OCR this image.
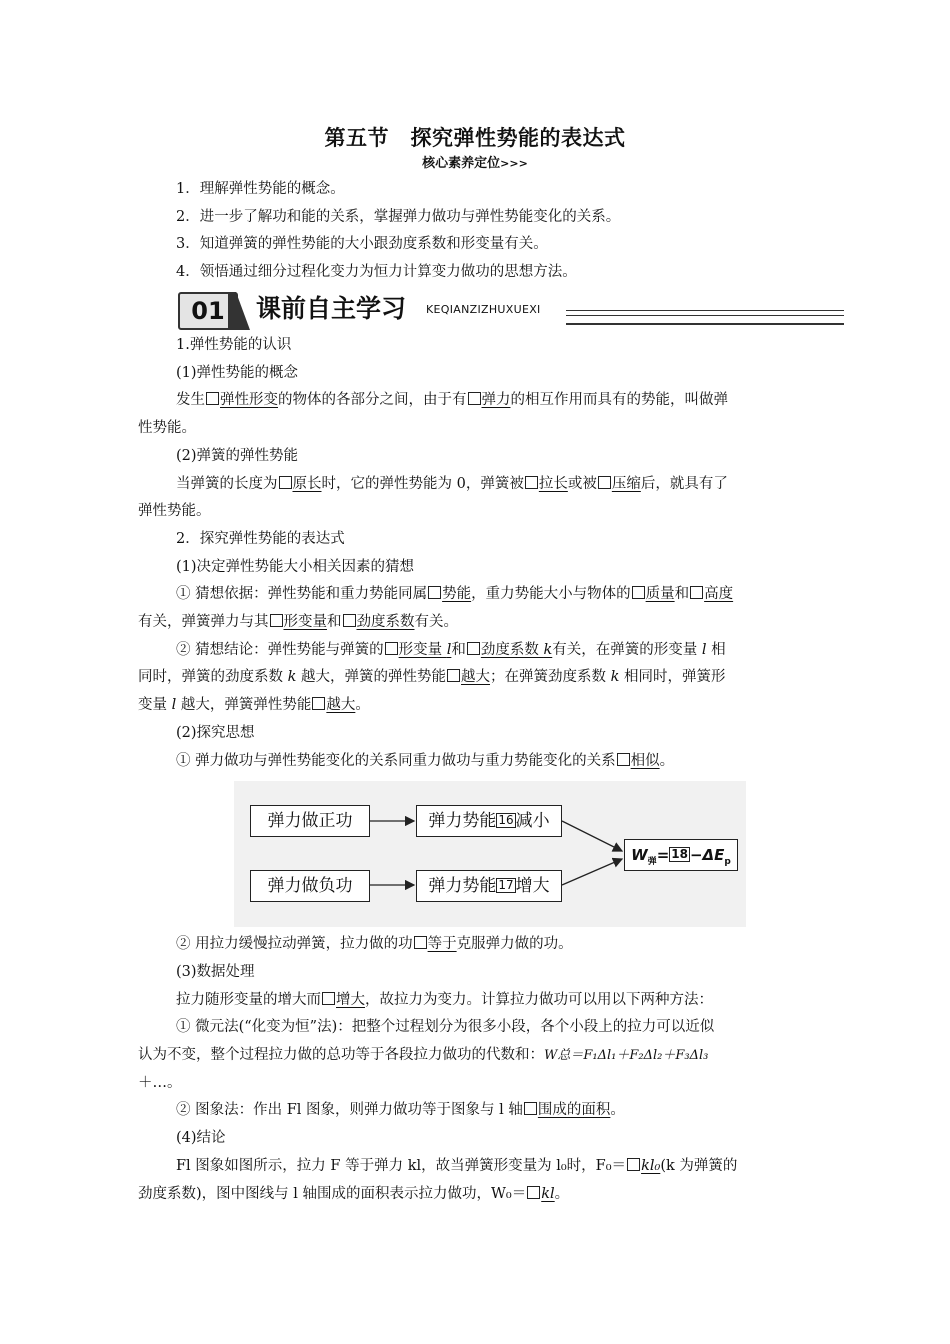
第五节　探究弹性势能的表达式
核心素养定位>>>
1．理解弹性势能的概念。
2．进一步了解功和能的关系，掌握弹力做功与弹性势能变化的关系。
3．知道弹簧的弹性势能的大小跟劲度系数和形变量有关。
4．领悟通过细分过程化变力为恒力计算变力做功的思想方法。
01	课前自主学习 KEQIANZIZHUXUEXI
1.弹性势能的认识
(1)弹性势能的概念
发生 弹性形变的物体的各部分之间，由于有 弹力的相互作用而具有的势能，叫做弹
性势能。
(2)弹簧的弹性势能
当弹簧的长度为 原长时，它的弹性势能为 0，弹簧被 拉长或被 压缩后，就具有了
弹性势能。
2．探究弹性势能的表达式
(1)决定弹性势能大小相关因素的猜想
① 猜想依据：弹性势能和重力势能同属 势能，重力势能大小与物体的 质量和 高度
有关，弹簧弹力与其 形变量和 劲度系数有关。
② 猜想结论：弹性势能与弹簧的 形变量 l和 劲度系数 k有关，在弹簧的形变量 l 相
同时，弹簧的劲度系数 k 越大，弹簧的弹性势能 越大；在弹簧劲度系数 k 相同时，弹簧形
变量 l 越大，弹簧弹性势能 越大。
(2)探究思想
① 弹力做功与弹性势能变化的关系同重力做功与重力势能变化的关系 相似。
弹力做正功
弹力做负功
弹力势能 16 减小
弹力势能 17 增大
$W_弹= 18 -\Delta E_p$
② 用拉力缓慢拉动弹簧，拉力做的功 等于克服弹力做的功。
(3)数据处理
拉力随形变量的增大而 增大，故拉力为变力。计算拉力做功可以用以下两种方法：
① 微元法(“化变为恒”法)：把整个过程划分为很多小段，各个小段上的拉力可以近似
认为不变，整个过程拉力做的总功等于各段拉力做功的代数和：W总＝F₁Δl₁＋F₂Δl₂＋F₃Δl₃
＋…。
② 图象法：作出 Fl 图象，则弹力做功等于图象与 l 轴 围成的面积。
(4)结论
Fl 图象如图所示，拉力 F 等于弹力 kl，故当弹簧形变量为 l₀时，F₀＝ kl₀(k 为弹簧的
劲度系数)，图中图线与 l 轴围成的面积表示拉力做功，W₀＝ kl。
